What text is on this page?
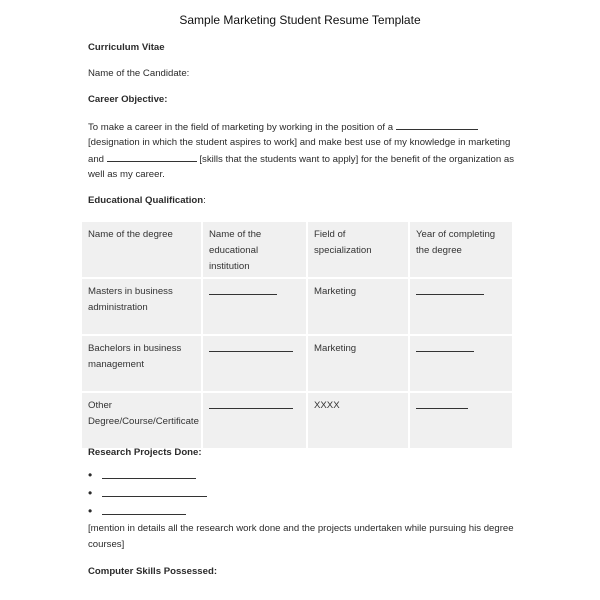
Sample Marketing Student Resume Template
Curriculum Vitae
Name of the Candidate:
Career Objective:
To make a career in the field of marketing by working in the position of a
[designation in which the student aspires to work] and make best use of my knowledge in marketing
and	[skills that the students want to apply] for the benefit of the organization as
well as my career.
Educational Qualification:
Name of the degree	Name of the educational institution
Field of specialization
Year of completing the degree
Masters in business administration
Marketing
Bachelors in business management
Marketing
Other Degree/Course/Certificate
XXXX
Research Projects Done:
•
•
•
[mention in details all the research work done and the projects undertaken while pursuing his degree
courses]
Computer Skills Possessed:
